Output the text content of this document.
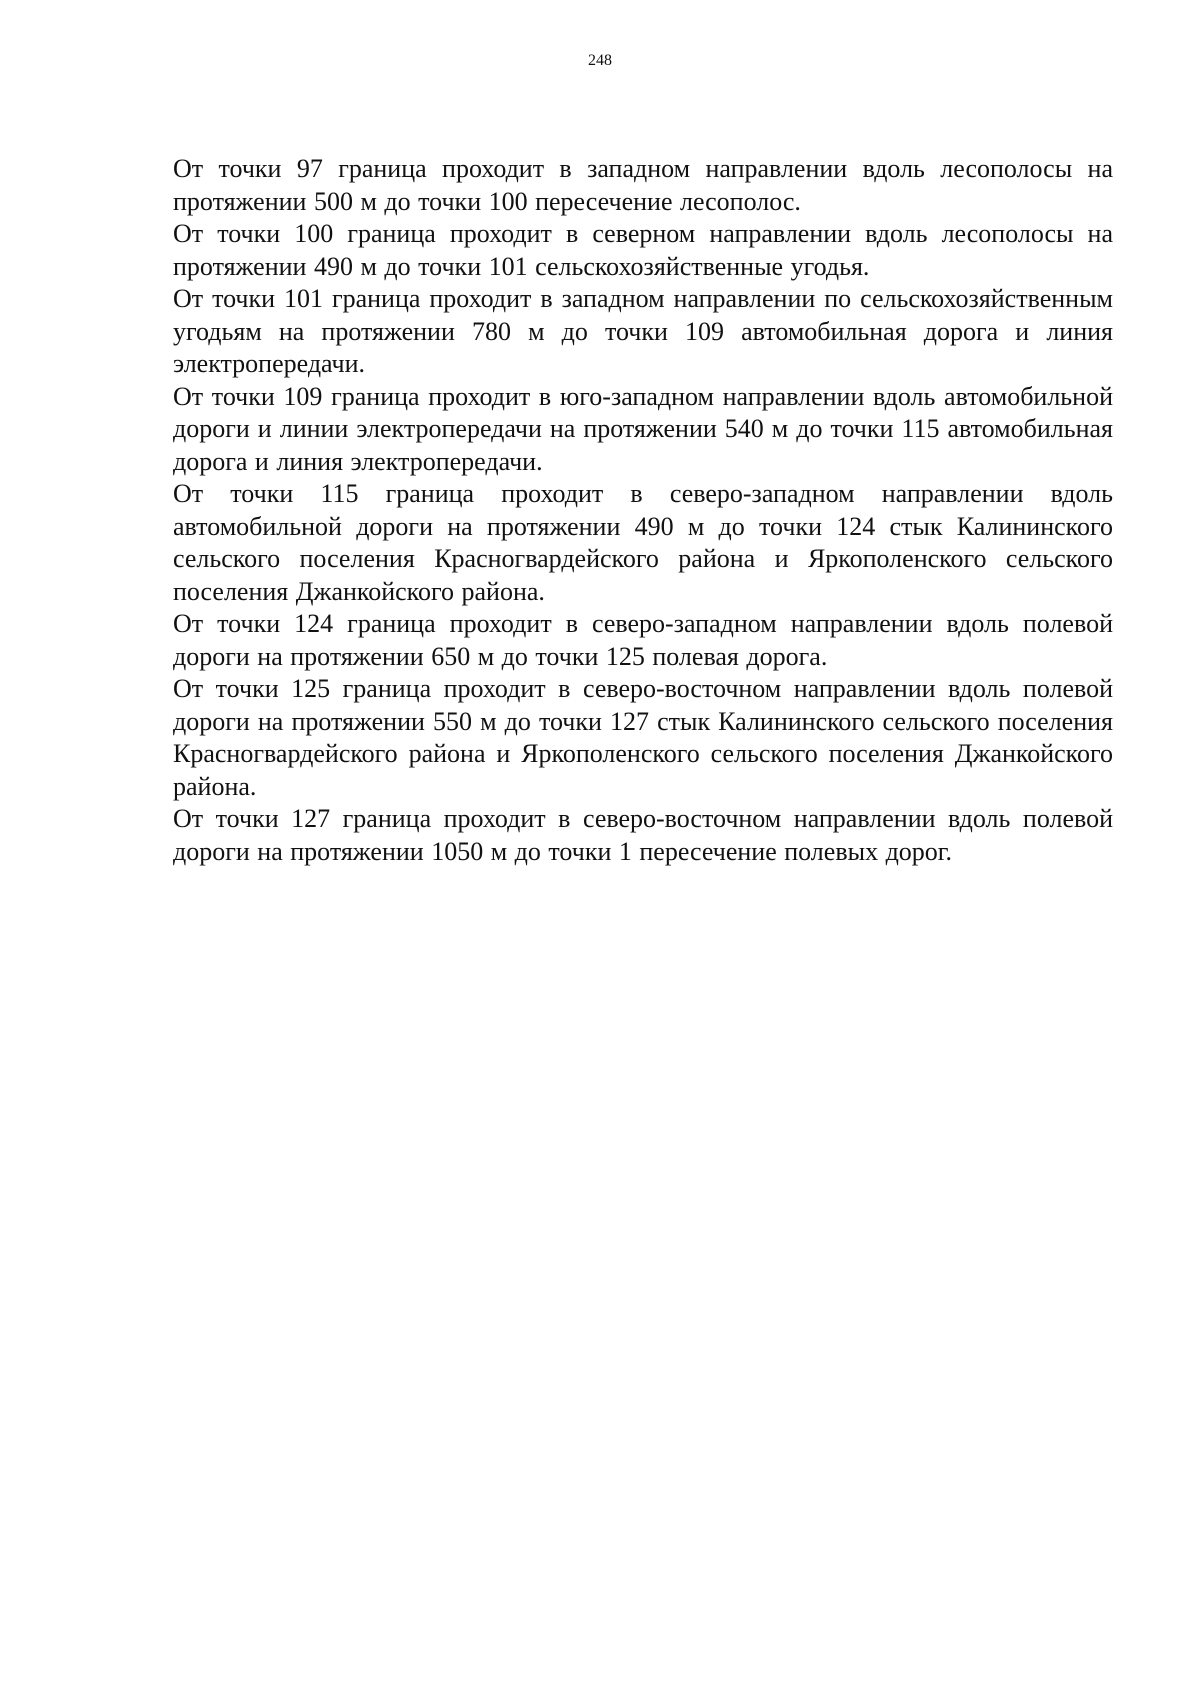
248

От точки 97 граница проходит в западном направлении вдоль лесополосы на протяжении 500 м до точки 100 пересечение лесополос.

От точки 100 граница проходит в северном направлении вдоль лесополосы на протяжении 490 м до точки 101 сельскохозяйственные угодья.

От точки 101 граница проходит в западном направлении по сельскохозяйственным угодьям на протяжении 780 м до точки 109 автомобильная дорога и линия электропередачи.

От точки 109 граница проходит в юго-западном направлении вдоль автомобильной дороги и линии электропередачи на протяжении 540 м до точки 115 автомобильная дорога и линия электропередачи.

От точки 115 граница проходит в северо-западном направлении вдоль автомобильной дороги на протяжении 490 м до точки 124 стык Калининского сельского поселения Красногвардейского района и Яркополенского сельского поселения Джанкойского района.

От точки 124 граница проходит в северо-западном направлении вдоль полевой дороги на протяжении 650 м до точки 125 полевая дорога.

От точки 125 граница проходит в северо-восточном направлении вдоль полевой дороги на протяжении 550 м до точки 127 стык Калининского сельского поселения Красногвардейского района и Яркополенского сельского поселения Джанкойского района.

От точки 127 граница проходит в северо-восточном направлении вдоль полевой дороги на протяжении 1050 м до точки 1 пересечение полевых дорог.
